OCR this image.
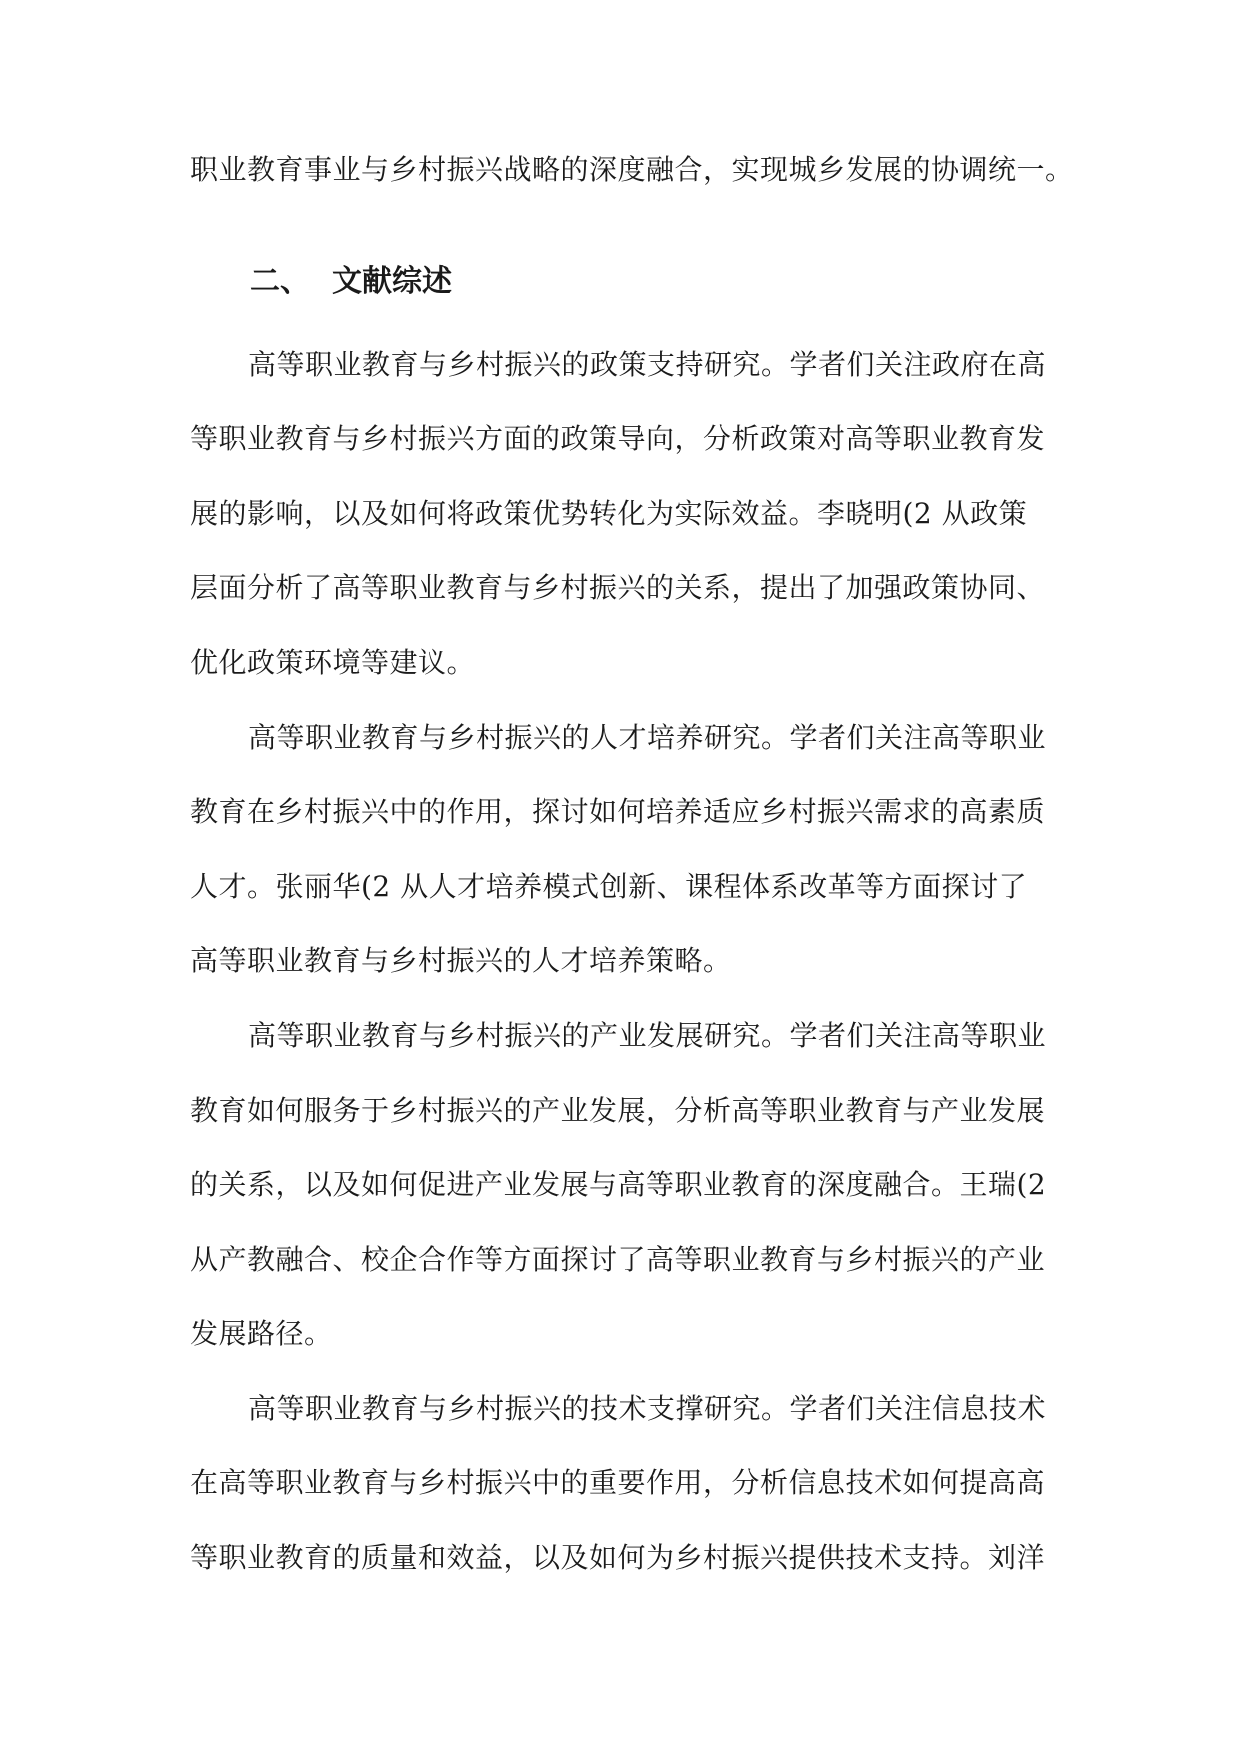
职业教育事业与乡村振兴战略的深度融合，实现城乡发展的协调统一。
二、 文献综述
高等职业教育与乡村振兴的政策支持研究。学者们关注政府在高
等职业教育与乡村振兴方面的政策导向，分析政策对高等职业教育发
展的影响，以及如何将政策优势转化为实际效益。李晓明(2 从政策
层面分析了高等职业教育与乡村振兴的关系，提出了加强政策协同、
优化政策环境等建议。
高等职业教育与乡村振兴的人才培养研究。学者们关注高等职业
教育在乡村振兴中的作用，探讨如何培养适应乡村振兴需求的高素质
人才。张丽华(2 从人才培养模式创新、课程体系改革等方面探讨了
高等职业教育与乡村振兴的人才培养策略。
高等职业教育与乡村振兴的产业发展研究。学者们关注高等职业
教育如何服务于乡村振兴的产业发展，分析高等职业教育与产业发展
的关系，以及如何促进产业发展与高等职业教育的深度融合。王瑞(2
从产教融合、校企合作等方面探讨了高等职业教育与乡村振兴的产业
发展路径。
高等职业教育与乡村振兴的技术支撑研究。学者们关注信息技术
在高等职业教育与乡村振兴中的重要作用，分析信息技术如何提高高
等职业教育的质量和效益，以及如何为乡村振兴提供技术支持。刘洋
